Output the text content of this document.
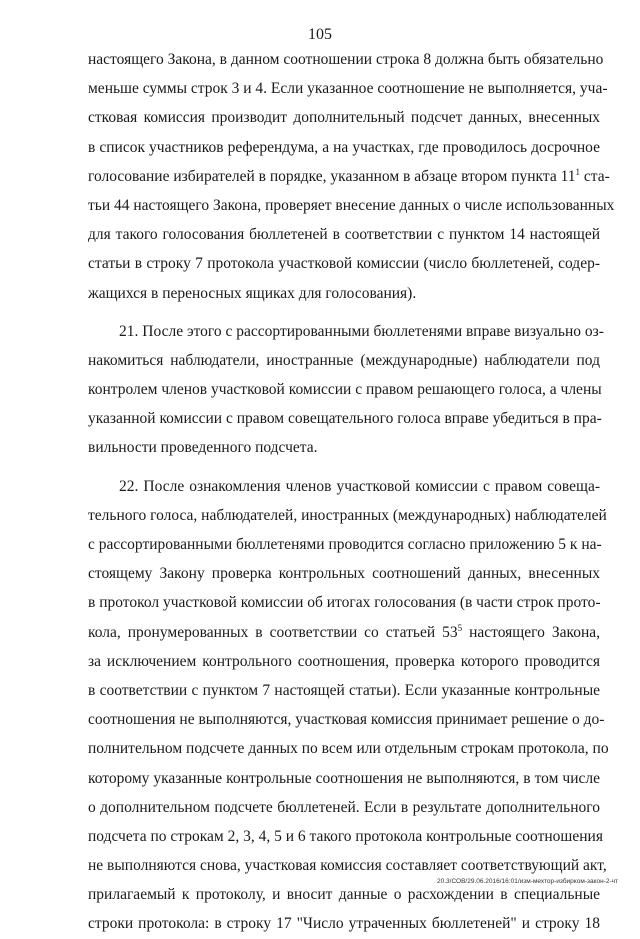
105
настоящего Закона, в данном соотношении строка 8 должна быть обязательно
меньше суммы строк 3 и 4. Если указанное соотношение не выполняется, уча-
стковая комиссия производит дополнительный подсчет данных, внесенных
в список участников референдума, а на участках, где проводилось досрочное
голосование избирателей в порядке, указанном в абзаце втором пункта $11^1$ ста-
тьи 44 настоящего Закона, проверяет внесение данных о числе использованных
для такого голосования бюллетеней в соответствии с пунктом 14 настоящей
статьи в строку 7 протокола участковой комиссии (число бюллетеней, содер-
жащихся в переносных ящиках для голосования).
21. После этого с рассортированными бюллетенями вправе визуально оз-
накомиться наблюдатели, иностранные (международные) наблюдатели под
контролем членов участковой комиссии с правом решающего голоса, а члены
указанной комиссии с правом совещательного голоса вправе убедиться в пра-
вильности проведенного подсчета.
22. После ознакомления членов участковой комиссии с правом совеща-
тельного голоса, наблюдателей, иностранных (международных) наблюдателей
с рассортированными бюллетенями проводится согласно приложению 5 к на-
стоящему Закону проверка контрольных соотношений данных, внесенных
в протокол участковой комиссии об итогах голосования (в части строк прото-
кола, пронумерованных в соответствии со статьей $53^5$ настоящего Закона,
за исключением контрольного соотношения, проверка которого проводится
в соответствии с пунктом 7 настоящей статьи). Если указанные контрольные
соотношения не выполняются, участковая комиссия принимает решение о до-
полнительном подсчете данных по всем или отдельным строкам протокола, по
которому указанные контрольные соотношения не выполняются, в том числе
о дополнительном подсчете бюллетеней. Если в результате дополнительного
подсчета по строкам 2, 3, 4, 5 и 6 такого протокола контрольные соотношения
не выполняются снова, участковая комиссия составляет соответствующий акт,
прилагаемый к протоколу, и вносит данные о расхождении в специальные
строки протокола: в строку 17 "Число утраченных бюллетеней" и строку 18
20.3/СОВ/29.06.2016/16:01/изм-мехтор-избирком-закон-2-чт
